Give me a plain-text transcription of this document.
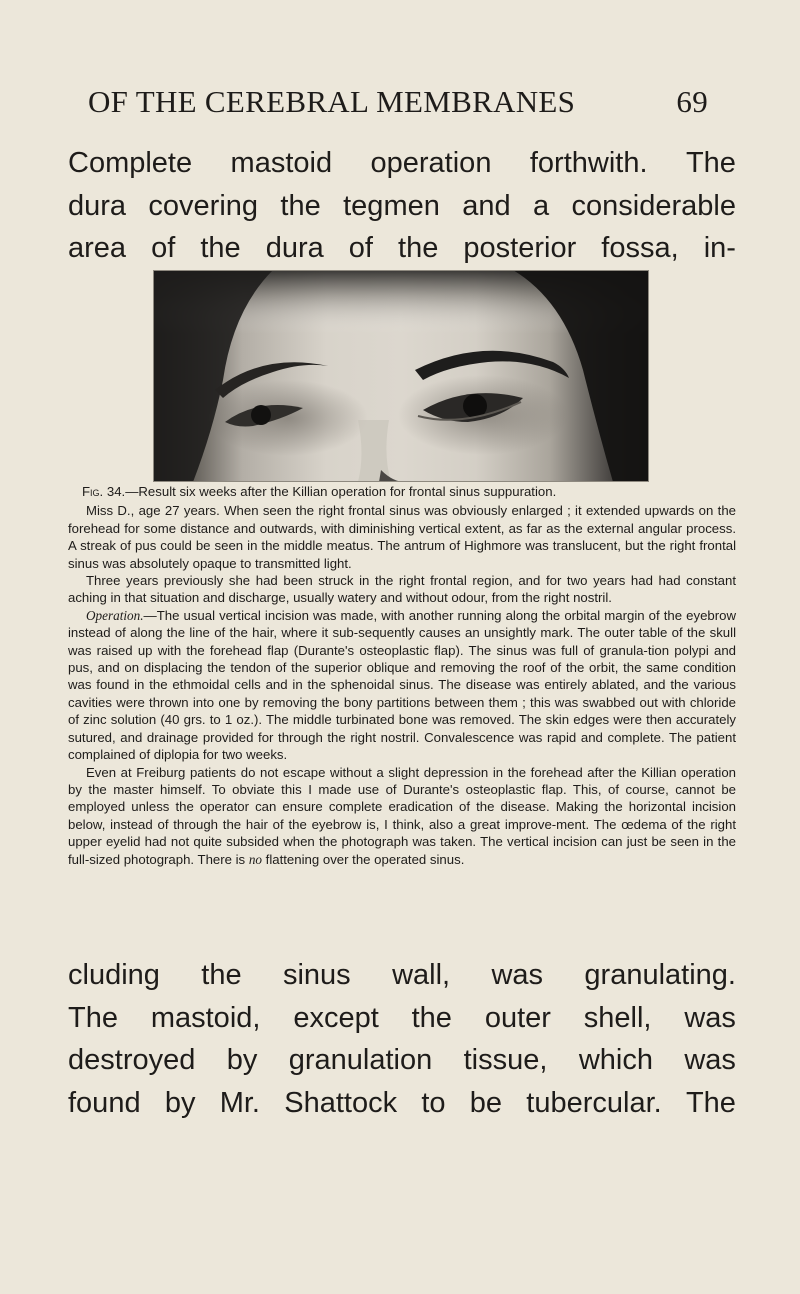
OF THE CEREBRAL MEMBRANES	69
Complete mastoid operation forthwith. The
dura covering the tegmen and a considerable
area of the dura of the posterior fossa, in-

Fig. 34.—Result six weeks after the Killian operation for frontal sinus suppuration.

Miss D., age 27 years. When seen the right frontal sinus was obviously enlarged ; it extended upwards on the forehead for some distance and outwards, with diminishing vertical extent, as far as the external angular process. A streak of pus could be seen in the middle meatus. The antrum of Highmore was translucent, but the right frontal sinus was absolutely opaque to transmitted light.

Three years previously she had been struck in the right frontal region, and for two years had had constant aching in that situation and discharge, usually watery and without odour, from the right nostril.

Operation.—The usual vertical incision was made, with another running along the orbital margin of the eyebrow instead of along the line of the hair, where it sub-sequently causes an unsightly mark. The outer table of the skull was raised up with the forehead flap (Durante's osteoplastic flap). The sinus was full of granula-tion polypi and pus, and on displacing the tendon of the superior oblique and removing the roof of the orbit, the same condition was found in the ethmoidal cells and in the sphenoidal sinus. The disease was entirely ablated, and the various cavities were thrown into one by removing the bony partitions between them ; this was swabbed out with chloride of zinc solution (40 grs. to 1 oz.). The middle turbinated bone was removed. The skin edges were then accurately sutured, and drainage provided for through the right nostril. Convalescence was rapid and complete. The patient complained of diplopia for two weeks.

Even at Freiburg patients do not escape without a slight depression in the forehead after the Killian operation by the master himself. To obviate this I made use of Durante's osteoplastic flap. This, of course, cannot be employed unless the operator can ensure complete eradication of the disease. Making the horizontal incision below, instead of through the hair of the eyebrow is, I think, also a great improve-ment. The œdema of the right upper eyelid had not quite subsided when the photograph was taken. The vertical incision can just be seen in the full-sized photograph. There is no flattening over the operated sinus.

cluding the sinus wall, was granulating.
The mastoid, except the outer shell, was
destroyed by granulation tissue, which was
found by Mr. Shattock to be tubercular. The
